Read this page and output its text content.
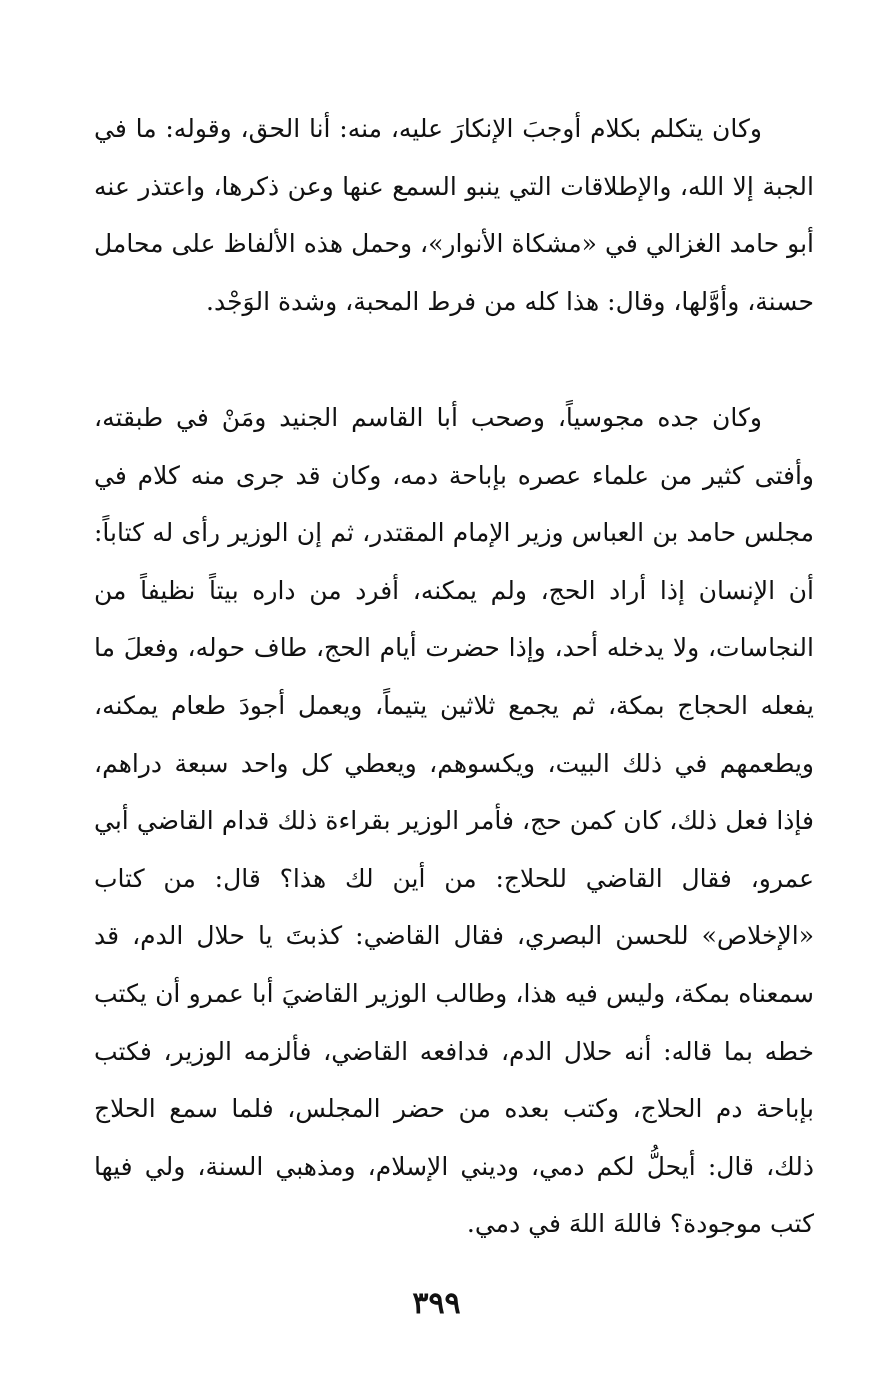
وكان يتكلم بكلام أوجبَ الإنكارَ عليه، منه: أنا الحق، وقوله: ما في الجبة إلا الله، والإطلاقات التي ينبو السمع عنها وعن ذكرها، واعتذر عنه أبو حامد الغزالي في «مشكاة الأنوار»، وحمل هذه الألفاظ على محامل حسنة، وأوَّلها، وقال: هذا كله من فرط المحبة، وشدة الوَجْد.

وكان جده مجوسياً، وصحب أبا القاسم الجنيد ومَنْ في طبقته، وأفتى كثير من علماء عصره بإباحة دمه، وكان قد جرى منه كلام في مجلس حامد بن العباس وزير الإمام المقتدر، ثم إن الوزير رأى له كتاباً: أن الإنسان إذا أراد الحج، ولم يمكنه، أفرد من داره بيتاً نظيفاً من النجاسات، ولا يدخله أحد، وإذا حضرت أيام الحج، طاف حوله، وفعلَ ما يفعله الحجاج بمكة، ثم يجمع ثلاثين يتيماً، ويعمل أجودَ طعام يمكنه، ويطعمهم في ذلك البيت، ويكسوهم، ويعطي كل واحد سبعة دراهم، فإذا فعل ذلك، كان كمن حج، فأمر الوزير بقراءة ذلك قدام القاضي أبي عمرو، فقال القاضي للحلاج: من أين لك هذا؟ قال: من كتاب «الإخلاص» للحسن البصري، فقال القاضي: كذبتَ يا حلال الدم، قد سمعناه بمكة، وليس فيه هذا، وطالب الوزير القاضيَ أبا عمرو أن يكتب خطه بما قاله: أنه حلال الدم، فدافعه القاضي، فألزمه الوزير، فكتب بإباحة دم الحلاج، وكتب بعده من حضر المجلس، فلما سمع الحلاج ذلك، قال: أيحلُّ لكم دمي، وديني الإسلام، ومذهبي السنة، ولي فيها كتب موجودة؟ فاللهَ اللهَ في دمي.

٣٩٩
